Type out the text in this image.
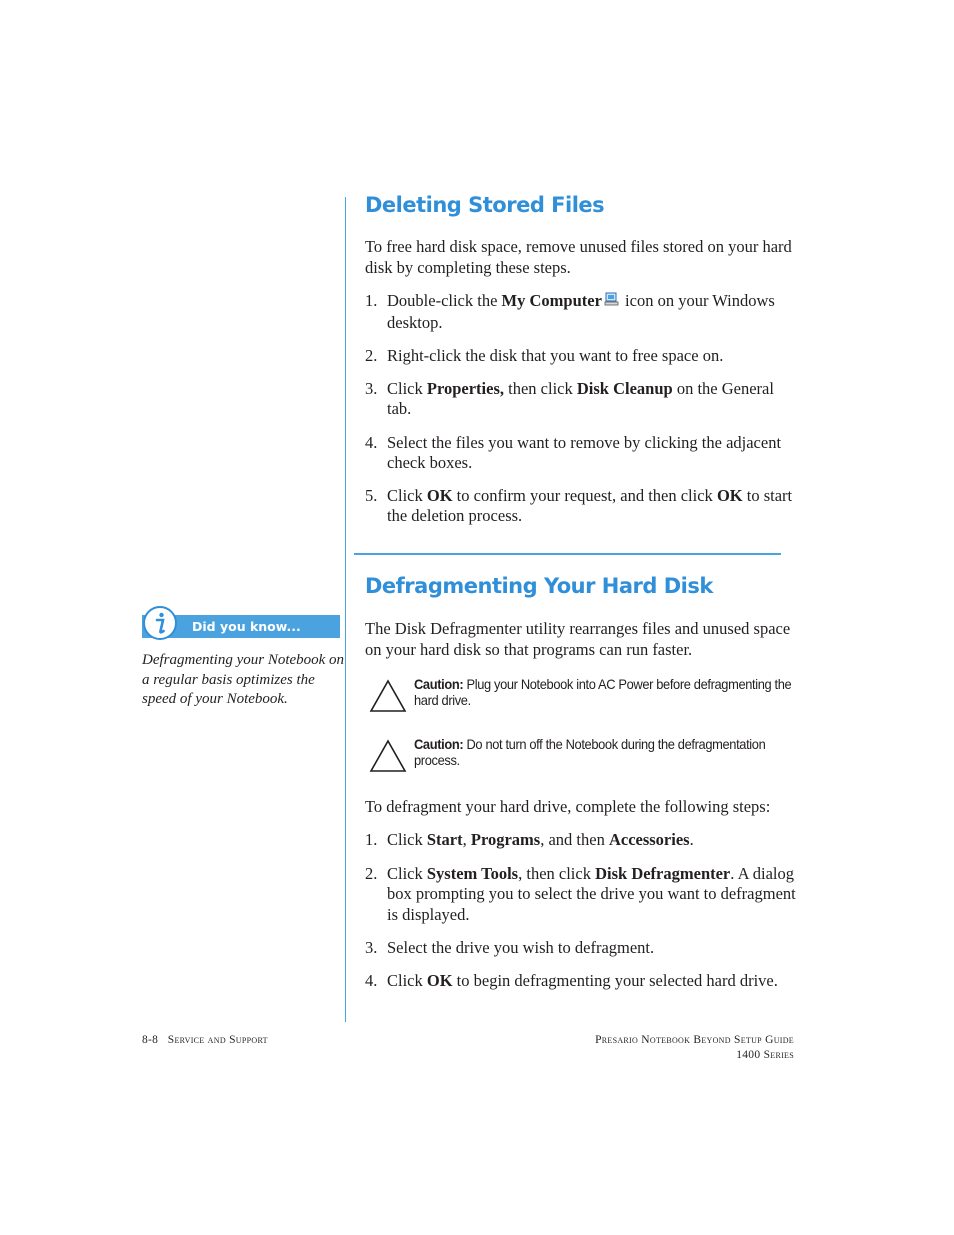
Deleting Stored Files

To free hard disk space, remove unused files stored on your hard disk by completing these steps.

1. Double-click the My Computer icon on your Windows desktop.
2. Right-click the disk that you want to free space on.
3. Click Properties, then click Disk Cleanup on the General tab.
4. Select the files you want to remove by clicking the adjacent check boxes.
5. Click OK to confirm your request, and then click OK to start the deletion process.
Defragmenting Your Hard Disk

The Disk Defragmenter utility rearranges files and unused space on your hard disk so that programs can run faster.

Caution: Plug your Notebook into AC Power before defragmenting the hard drive.
Caution: Do not turn off the Notebook during the defragmentation process.

To defragment your hard drive, complete the following steps:

1. Click Start, Programs, and then Accessories.
2. Click System Tools, then click Disk Defragmenter. A dialog box prompting you to select the drive you want to defragment is displayed.
3. Select the drive you wish to defragment.
4. Click OK to begin defragmenting your selected hard drive.
Did you know...

Defragmenting your Notebook on a regular basis optimizes the speed of your Notebook.

8-8 Service and Support	Presario Notebook Beyond Setup Guide
1400 Series
